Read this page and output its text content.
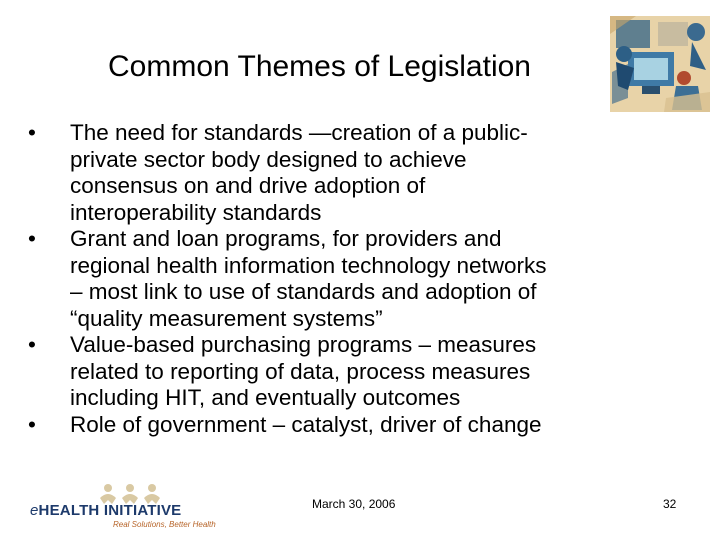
Common Themes of Legislation
• The need for standards —creation of a public-
private sector body designed to achieve
consensus on and drive adoption of
interoperability standards
• Grant and loan programs, for providers and
regional health information technology networks
– most link to use of standards and adoption of
“quality measurement systems”
• Value-based purchasing programs – measures
related to reporting of data, process measures
including HIT, and eventually outcomes
• Role of government – catalyst, driver of change
eHEALTH INITIATIVE
Real Solutions, Better Health
March 30, 2006	32
